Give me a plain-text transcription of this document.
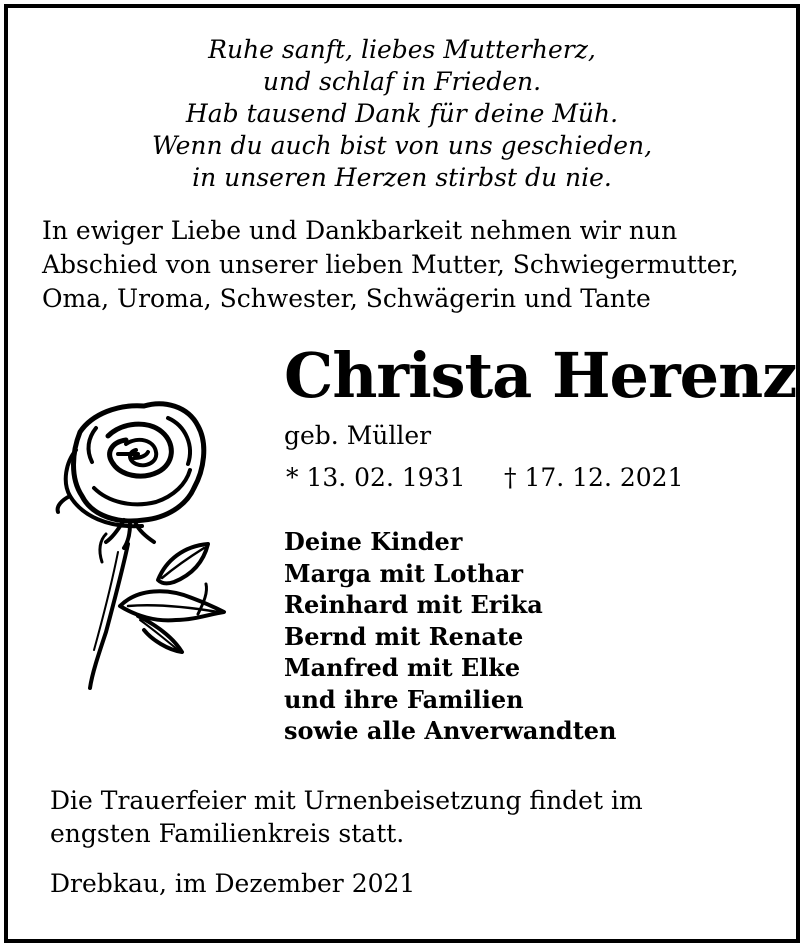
Ruhe sanft, liebes Mutterherz,
und schlaf in Frieden.
Hab tausend Dank für deine Müh.
Wenn du auch bist von uns geschieden,
in unseren Herzen stirbst du nie.
In ewiger Liebe und Dankbarkeit nehmen wir nun
Abschied von unserer lieben Mutter, Schwiegermutter,
Oma, Uroma, Schwester, Schwägerin und Tante
Christa Herenz
geb. Müller
* 13. 02. 1931 † 17. 12. 2021
Deine Kinder
Marga mit Lothar
Reinhard mit Erika
Bernd mit Renate
Manfred mit Elke
und ihre Familien
sowie alle Anverwandten
Die Trauerfeier mit Urnenbeisetzung findet im
engsten Familienkreis statt.
Drebkau, im Dezember 2021
